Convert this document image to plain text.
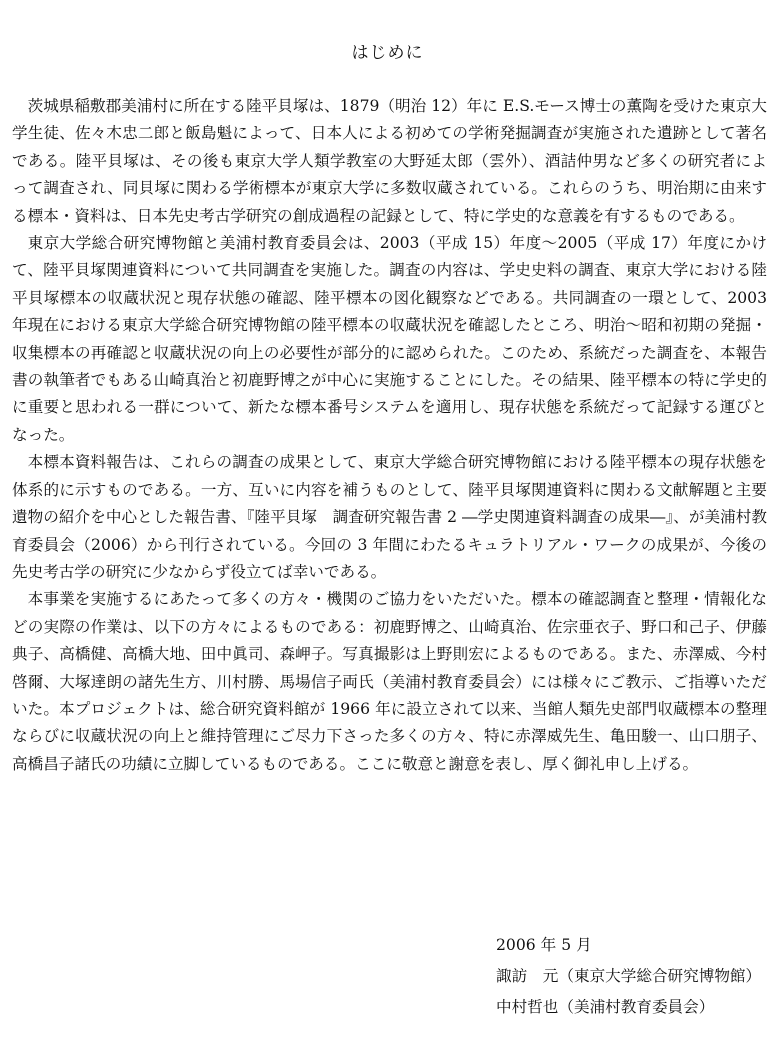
はじめに

茨城県稲敷郡美浦村に所在する陸平貝塚は、1879（明治 12）年に E.S.モース博士の薫陶を受けた東京大学生徒、佐々木忠二郎と飯島魁によって、日本人による初めての学術発掘調査が実施された遺跡として著名である。陸平貝塚は、その後も東京大学人類学教室の大野延太郎（雲外）、酒詰仲男など多くの研究者によって調査され、同貝塚に関わる学術標本が東京大学に多数収蔵されている。これらのうち、明治期に由来する標本・資料は、日本先史考古学研究の創成過程の記録として、特に学史的な意義を有するものである。

東京大学総合研究博物館と美浦村教育委員会は、2003（平成 15）年度～2005（平成 17）年度にかけて、陸平貝塚関連資料について共同調査を実施した。調査の内容は、学史史料の調査、東京大学における陸平貝塚標本の収蔵状況と現存状態の確認、陸平標本の図化観察などである。共同調査の一環として、2003 年現在における東京大学総合研究博物館の陸平標本の収蔵状況を確認したところ、明治～昭和初期の発掘・収集標本の再確認と収蔵状況の向上の必要性が部分的に認められた。このため、系統だった調査を、本報告書の執筆者でもある山崎真治と初鹿野博之が中心に実施することにした。その結果、陸平標本の特に学史的に重要と思われる一群について、新たな標本番号システムを適用し、現存状態を系統だって記録する運びとなった。

本標本資料報告は、これらの調査の成果として、東京大学総合研究博物館における陸平標本の現存状態を体系的に示すものである。一方、互いに内容を補うものとして、陸平貝塚関連資料に関わる文献解題と主要遺物の紹介を中心とした報告書、『陸平貝塚　調査研究報告書 2 ―学史関連資料調査の成果―』、が美浦村教育委員会（2006）から刊行されている。今回の 3 年間にわたるキュラトリアル・ワークの成果が、今後の先史考古学の研究に少なからず役立てば幸いである。

本事業を実施するにあたって多くの方々・機関のご協力をいただいた。標本の確認調査と整理・情報化などの実際の作業は、以下の方々によるものである：初鹿野博之、山崎真治、佐宗亜衣子、野口和己子、伊藤典子、高橋健、高橋大地、田中眞司、森岬子。写真撮影は上野則宏によるものである。また、赤澤威、今村啓爾、大塚達朗の諸先生方、川村勝、馬場信子両氏（美浦村教育委員会）には様々にご教示、ご指導いただいた。本プロジェクトは、総合研究資料館が 1966 年に設立されて以来、当館人類先史部門収蔵標本の整理ならびに収蔵状況の向上と維持管理にご尽力下さった多くの方々、特に赤澤威先生、亀田駿一、山口朋子、高橋昌子諸氏の功績に立脚しているものである。ここに敬意と謝意を表し、厚く御礼申し上げる。

2006 年 5 月
諏訪　元（東京大学総合研究博物館）
中村哲也（美浦村教育委員会）
